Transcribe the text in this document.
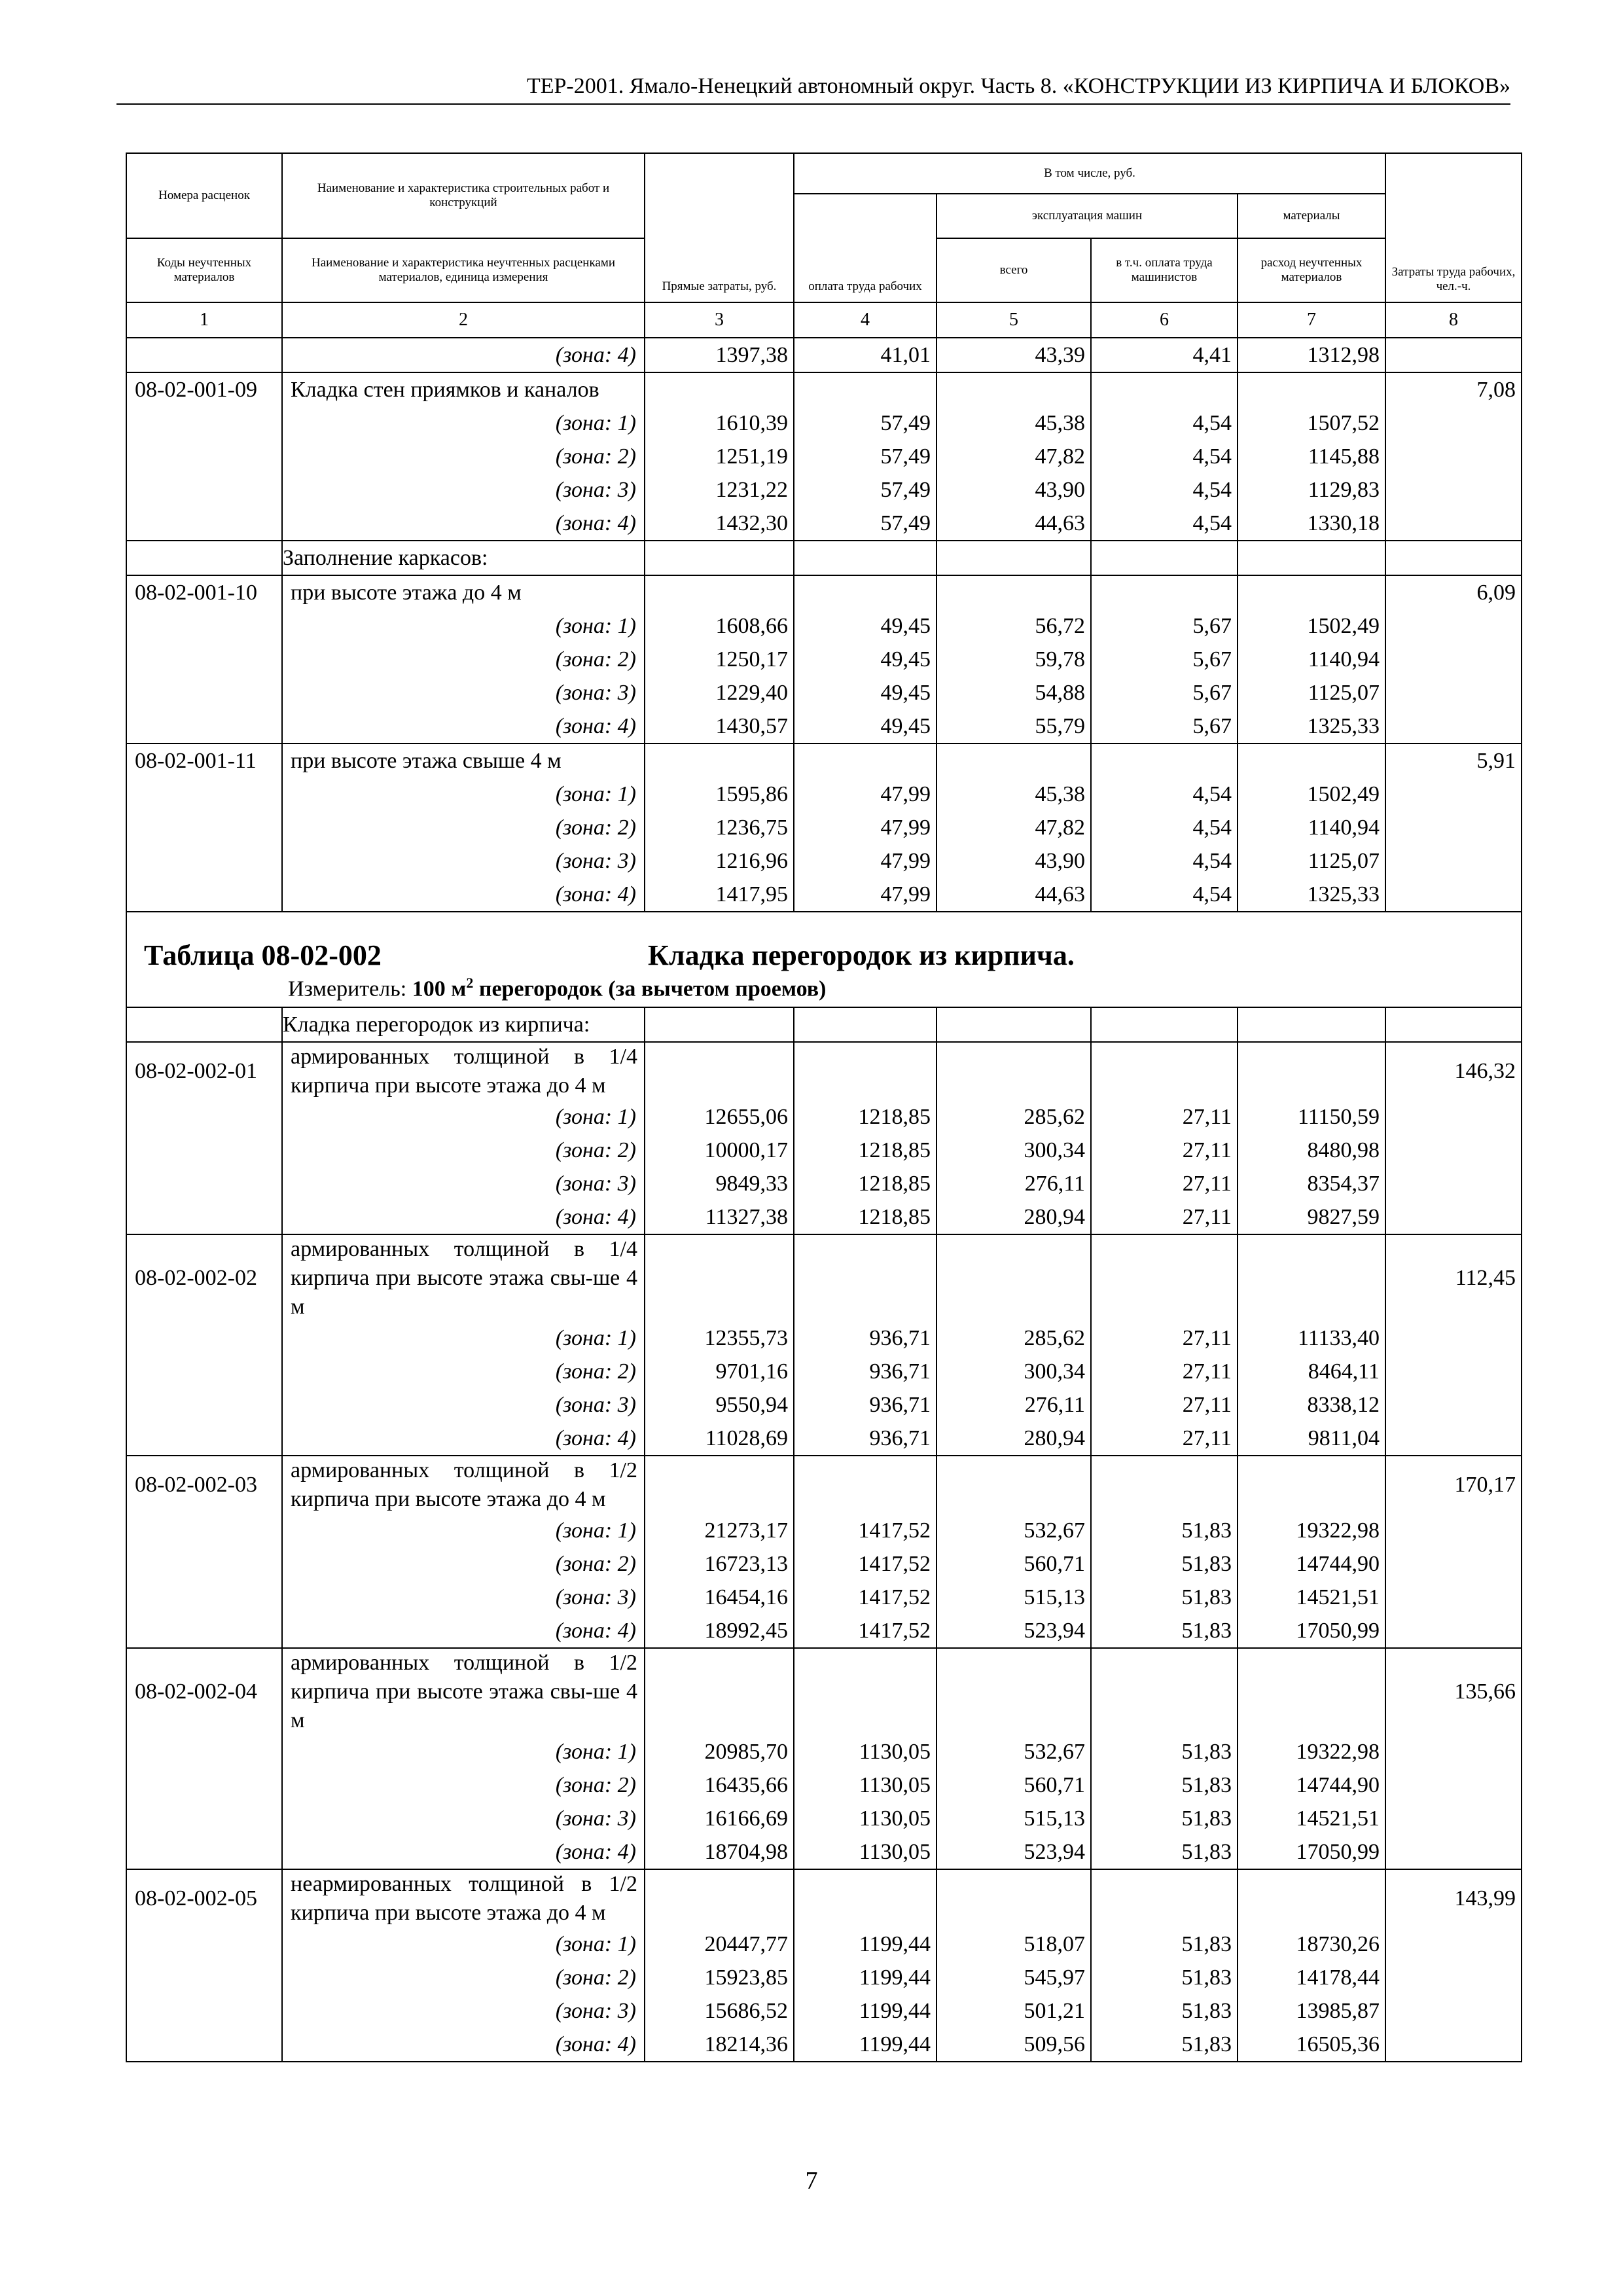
ТЕР-2001. Ямало-Ненецкий автономный округ. Часть 8. «КОНСТРУКЦИИ ИЗ КИРПИЧА И БЛОКОВ»
Номера расценок	Наименование и характеристика строительных работ и конструкций	Прямые затраты, руб.	В том числе, руб.				Затраты труда рабочих, чел.-ч.
			оплата труда рабочих	эксплуатация машин		материалы	
Коды неучтенных материалов	Наименование и характеристика неучтенных расценками материалов, единица измерения			всего	в т.ч. оплата труда машинистов	расход неучтенных материалов	
1	2	3	4	5	6	7	8
	(зона: 4)	1397,38	41,01	43,39	4,41	1312,98	
08-02-001-09	Кладка стен приямков и каналов						7,08
	(зона: 1)	1610,39	57,49	45,38	4,54	1507,52	
	(зона: 2)	1251,19	57,49	47,82	4,54	1145,88	
	(зона: 3)	1231,22	57,49	43,90	4,54	1129,83	
	(зона: 4)	1432,30	57,49	44,63	4,54	1330,18	
	Заполнение каркасов:						
08-02-001-10	при высоте этажа до 4 м						6,09
	(зона: 1)	1608,66	49,45	56,72	5,67	1502,49	
	(зона: 2)	1250,17	49,45	59,78	5,67	1140,94	
	(зона: 3)	1229,40	49,45	54,88	5,67	1125,07	
	(зона: 4)	1430,57	49,45	55,79	5,67	1325,33	
08-02-001-11	при высоте этажа свыше 4 м						5,91
	(зона: 1)	1595,86	47,99	45,38	4,54	1502,49	
	(зона: 2)	1236,75	47,99	47,82	4,54	1140,94	
	(зона: 3)	1216,96	47,99	43,90	4,54	1125,07	
	(зона: 4)	1417,95	47,99	44,63	4,54	1325,33	

Таблица 08-02-002 Кладка перегородок из кирпича.
Измеритель: 100 $м^2$ перегородок (за вычетом проемов)							

	Кладка перегородок из кирпича:						
08-02-002-01	армированных толщиной в 1/4 кирпича при высоте этажа до 4 м						146,32
	(зона: 1)	12655,06	1218,85	285,62	27,11	11150,59	
	(зона: 2)	10000,17	1218,85	300,34	27,11	8480,98	
	(зона: 3)	9849,33	1218,85	276,11	27,11	8354,37	
	(зона: 4)	11327,38	1218,85	280,94	27,11	9827,59	
08-02-002-02	армированных толщиной в 1/4 кирпича при высоте этажа свы-ше 4 м						112,45
	(зона: 1)	12355,73	936,71	285,62	27,11	11133,40	
	(зона: 2)	9701,16	936,71	300,34	27,11	8464,11	
	(зона: 3)	9550,94	936,71	276,11	27,11	8338,12	
	(зона: 4)	11028,69	936,71	280,94	27,11	9811,04	
08-02-002-03	армированных толщиной в 1/2 кирпича при высоте этажа до 4 м						170,17
	(зона: 1)	21273,17	1417,52	532,67	51,83	19322,98	
	(зона: 2)	16723,13	1417,52	560,71	51,83	14744,90	
	(зона: 3)	16454,16	1417,52	515,13	51,83	14521,51	
	(зона: 4)	18992,45	1417,52	523,94	51,83	17050,99	
08-02-002-04	армированных толщиной в 1/2 кирпича при высоте этажа свы-ше 4 м						135,66
	(зона: 1)	20985,70	1130,05	532,67	51,83	19322,98	
	(зона: 2)	16435,66	1130,05	560,71	51,83	14744,90	
	(зона: 3)	16166,69	1130,05	515,13	51,83	14521,51	
	(зона: 4)	18704,98	1130,05	523,94	51,83	17050,99	
08-02-002-05	неармированных толщиной в 1/2 кирпича при высоте этажа до 4 м						143,99
	(зона: 1)	20447,77	1199,44	518,07	51,83	18730,26	
	(зона: 2)	15923,85	1199,44	545,97	51,83	14178,44	
	(зона: 3)	15686,52	1199,44	501,21	51,83	13985,87	
	(зона: 4)	18214,36	1199,44	509,56	51,83	16505,36	
7
